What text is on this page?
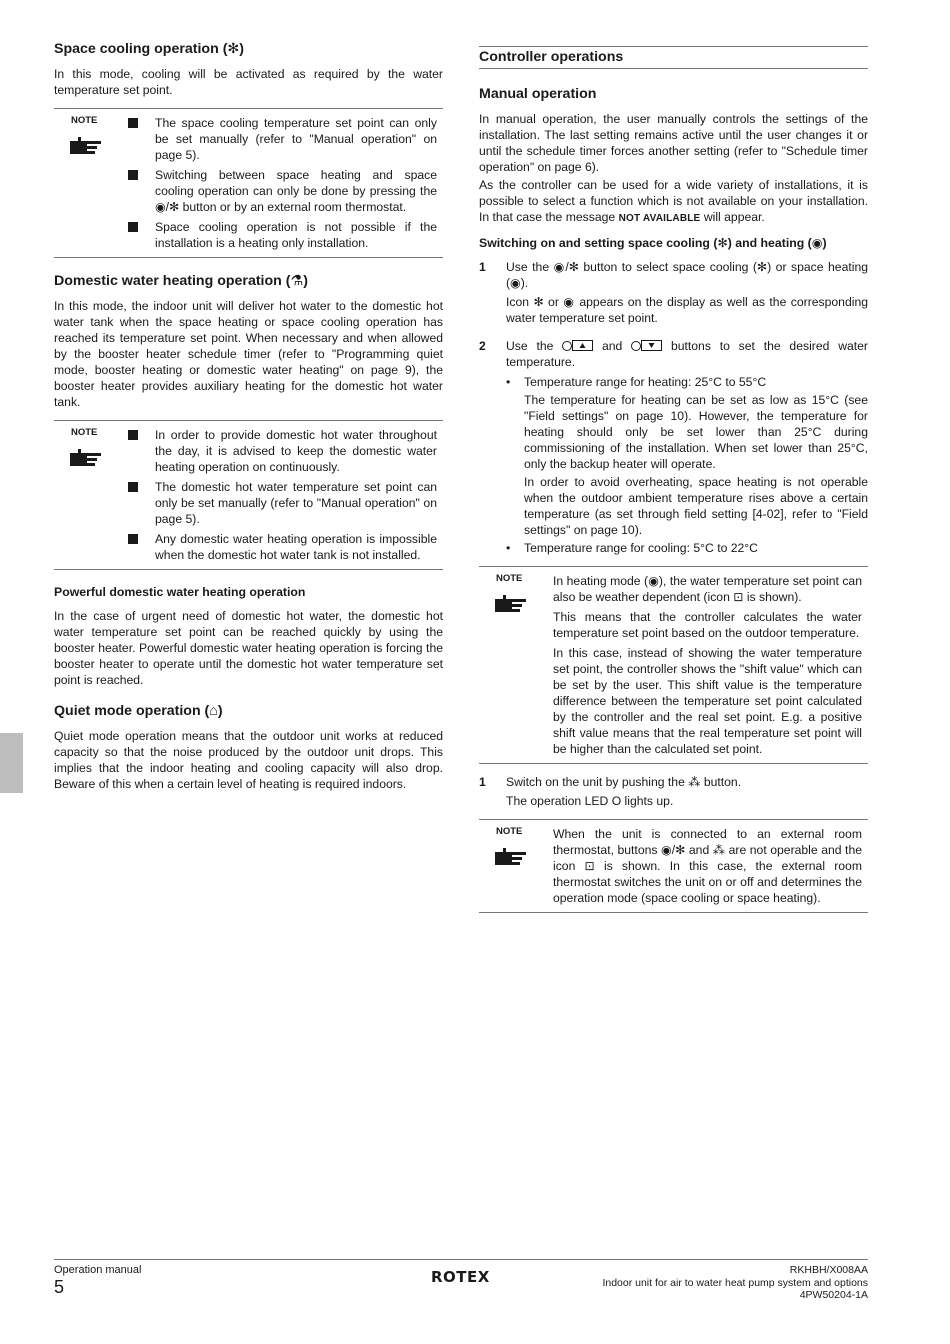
Space cooling operation (✻)

In this mode, cooling will be activated as required by the water temperature set point.

NOTE	The space cooling temperature set point can only be set manually (refer to "Manual operation" on page 5).

Switching between space heating and space cooling operation can only be done by pressing the ◉/✻ button or by an external room thermostat.

Space cooling operation is not possible if the installation is a heating only installation.

Domestic water heating operation (⚗)

In this mode, the indoor unit will deliver hot water to the domestic hot water tank when the space heating or space cooling operation has reached its temperature set point. When necessary and when allowed by the booster heater schedule timer (refer to "Programming quiet mode, booster heating or domestic water heating" on page 9), the booster heater provides auxiliary heating for the domestic hot water tank.

NOTE	In order to provide domestic hot water throughout the day, it is advised to keep the domestic water heating operation on continuously.

The domestic hot water temperature set point can only be set manually (refer to "Manual operation" on page 5).

Any domestic water heating operation is impossible when the domestic hot water tank is not installed.

Powerful domestic water heating operation

In the case of urgent need of domestic hot water, the domestic hot water temperature set point can be reached quickly by using the booster heater. Powerful domestic water heating operation is forcing the booster heater to operate until the domestic hot water temperature set point is reached.

Quiet mode operation (⌂)

Quiet mode operation means that the outdoor unit works at reduced capacity so that the noise produced by the outdoor unit drops. This implies that the indoor heating and cooling capacity will also drop. Beware of this when a certain level of heating is required indoors.

Controller operations
Manual operation

In manual operation, the user manually controls the settings of the installation. The last setting remains active until the user changes it or until the schedule timer forces another setting (refer to "Schedule timer operation" on page 6).

As the controller can be used for a wide variety of installations, it is possible to select a function which is not available on your installation. In that case the message NOT AVAILABLE will appear.

Switching on and setting space cooling (✻) and heating (◉)
1	Use the ◉/✻ button to select space cooling (✻) or space heating (◉).

Icon ✻ or ◉ appears on the display as well as the corresponding water temperature set point.

2	Use the	and	buttons to set the desired water temperature.

•	Temperature range for heating: 25°C to 55°C

The temperature for heating can be set as low as 15°C (see "Field settings" on page 10). However, the temperature for heating should only be set lower than 25°C during commissioning of the installation. When set lower than 25°C, only the backup heater will operate.

In order to avoid overheating, space heating is not operable when the outdoor ambient temperature rises above a certain temperature (as set through field setting [4-02], refer to "Field settings" on page 10).

•	Temperature range for cooling: 5°C to 22°C

NOTE	In heating mode (◉), the water temperature set point can also be weather dependent (icon ⊡ is shown).

This means that the controller calculates the water temperature set point based on the outdoor temperature.

In this case, instead of showing the water temperature set point, the controller shows the "shift value" which can be set by the user. This shift value is the temperature difference between the temperature set point calculated by the controller and the real set point. E.g. a positive shift value means that the real temperature set point will be higher than the calculated set point.

1	Switch on the unit by pushing the ⁂ button.

The operation LED O lights up.

NOTE	When the unit is connected to an external room thermostat, buttons ◉/✻ and ⁂ are not operable and the icon ⊡ is shown. In this case, the external room thermostat switches the unit on or off and determines the operation mode (space cooling or space heating).

Operation manual
5	ROTEX	RKHBH/X008AA
Indoor unit for air to water heat pump system and options
4PW50204-1A
